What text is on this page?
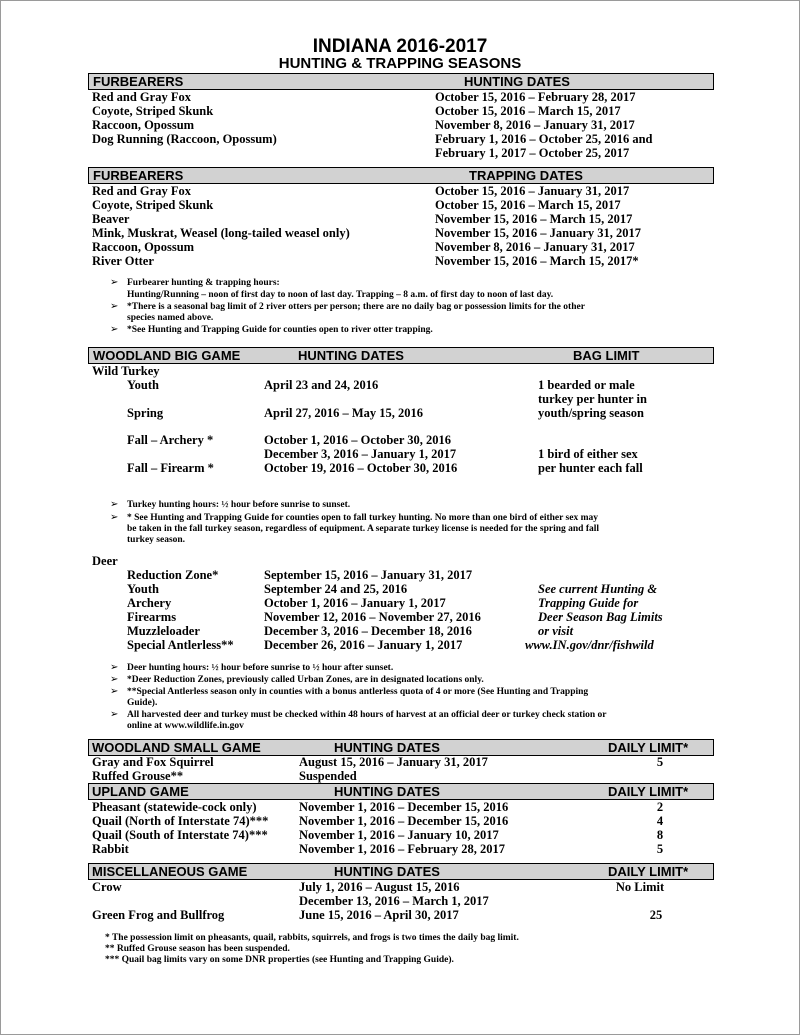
INDIANA 2016-2017
HUNTING & TRAPPING SEASONS
FURBEARERS	HUNTING DATES
Red and Gray Fox	October 15, 2016 – February 28, 2017
Coyote, Striped Skunk	October 15, 2016 – March 15, 2017
Raccoon, Opossum	November 8, 2016 – January 31, 2017
Dog Running (Raccoon, Opossum)	February 1, 2016 – October 25, 2016 and
February 1, 2017 – October 25, 2017
FURBEARERS	TRAPPING DATES
Red and Gray Fox	October 15, 2016 – January 31, 2017
Coyote, Striped Skunk	October 15, 2016 – March 15, 2017
Beaver	November 15, 2016 – March 15, 2017
Mink, Muskrat, Weasel (long-tailed weasel only)	November 15, 2016 – January 31, 2017
Raccoon, Opossum	November 8, 2016 – January 31, 2017
River Otter	November 15, 2016 – March 15, 2017*
➢ Furbearer hunting & trapping hours:
Hunting/Running – noon of first day to noon of last day. Trapping – 8 a.m. of first day to noon of last day.
➢ *There is a seasonal bag limit of 2 river otters per person; there are no daily bag or possession limits for the other
species named above.
➢ *See Hunting and Trapping Guide for counties open to river otter trapping.
WOODLAND BIG GAME	HUNTING DATES	BAG LIMIT
Wild Turkey
Youth	April 23 and 24, 2016	1 bearded or male
turkey per hunter in
Spring	April 27, 2016 – May 15, 2016	youth/spring season
Fall – Archery *	October 1, 2016 – October 30, 2016
December 3, 2016 – January 1, 2017	1 bird of either sex
Fall – Firearm *	October 19, 2016 – October 30, 2016	per hunter each fall
➢ Turkey hunting hours: ½ hour before sunrise to sunset.
➢ * See Hunting and Trapping Guide for counties open to fall turkey hunting. No more than one bird of either sex may
be taken in the fall turkey season, regardless of equipment. A separate turkey license is needed for the spring and fall
turkey season.
Deer
Reduction Zone*	September 15, 2016 – January 31, 2017
Youth	September 24 and 25, 2016	See current Hunting &
Archery	October 1, 2016 – January 1, 2017	Trapping Guide for
Firearms	November 12, 2016 – November 27, 2016	Deer Season Bag Limits
Muzzleloader	December 3, 2016 – December 18, 2016	or visit
Special Antlerless** December 26, 2016 – January 1, 2017	www.IN.gov/dnr/fishwild
➢ Deer hunting hours: ½ hour before sunrise to ½ hour after sunset.
➢ *Deer Reduction Zones, previously called Urban Zones, are in designated locations only.
➢ **Special Antlerless season only in counties with a bonus antlerless quota of 4 or more (See Hunting and Trapping
Guide).
➢ All harvested deer and turkey must be checked within 48 hours of harvest at an official deer or turkey check station or
online at www.wildlife.in.gov
WOODLAND SMALL GAME	HUNTING DATES	DAILY LIMIT*
Gray and Fox Squirrel	August 15, 2016 – January 31, 2017	5
Ruffed Grouse**	Suspended
UPLAND GAME	HUNTING DATES	DAILY LIMIT*
Pheasant (statewide-cock only)	November 1, 2016 – December 15, 2016	2
Quail (North of Interstate 74)*** November 1, 2016 – December 15, 2016	4
Quail (South of Interstate 74)***	November 1, 2016 – January 10, 2017	8
Rabbit	November 1, 2016 – February 28, 2017	5
MISCELLANEOUS GAME	HUNTING DATES	DAILY LIMIT*
Crow	July 1, 2016 – August 15, 2016	No Limit
December 13, 2016 – March 1, 2017
Green Frog and Bullfrog	June 15, 2016 – April 30, 2017	25
* The possession limit on pheasants, quail, rabbits, squirrels, and frogs is two times the daily bag limit.
** Ruffed Grouse season has been suspended.
*** Quail bag limits vary on some DNR properties (see Hunting and Trapping Guide).
